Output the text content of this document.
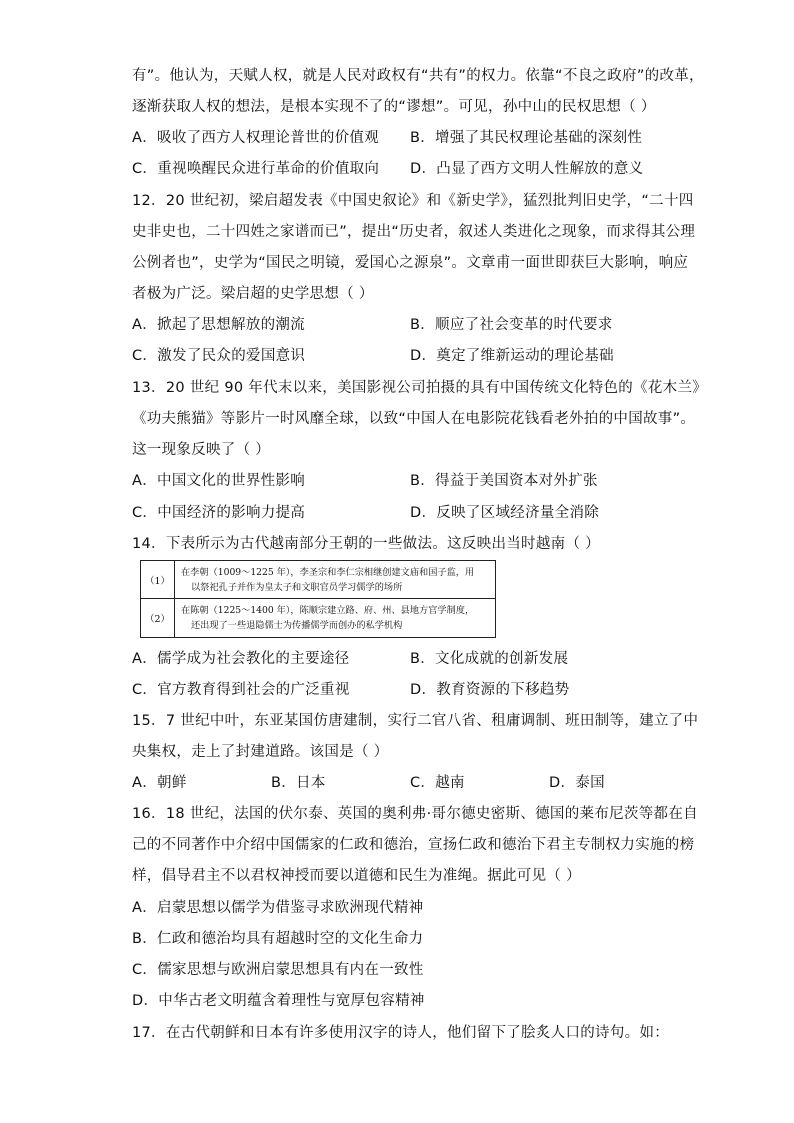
有”。他认为，天赋人权，就是人民对政权有“共有”的权力。依靠“不良之政府”的改革，
逐渐获取人权的想法，是根本实现不了的“谬想”。可见，孙中山的民权思想（ ）
A．吸收了西方人权理论普世的价值观 B．增强了其民权理论基础的深刻性
C．重视唤醒民众进行革命的价值取向 D．凸显了西方文明人性解放的意义
12．20 世纪初，梁启超发表《中国史叙论》和《新史学》，猛烈批判旧史学，“二十四
史非史也，二十四姓之家谱而已”，提出“历史者，叙述人类进化之现象，而求得其公理
公例者也”，史学为“国民之明镜，爱国心之源泉”。文章甫一面世即获巨大影响，响应
者极为广泛。梁启超的史学思想（ ）
A．掀起了思想解放的潮流	B．顺应了社会变革的时代要求
C．激发了民众的爱国意识	D．奠定了维新运动的理论基础
13．20 世纪 90 年代末以来，美国影视公司拍摄的具有中国传统文化特色的《花木兰》
《功夫熊猫》等影片一时风靡全球，以致“中国人在电影院花钱看老外拍的中国故事”。
这一现象反映了（ ）
A．中国文化的世界性影响	B．得益于美国资本对外扩张
C．中国经济的影响力提高	D．反映了区域经济量全消除
14．下表所示为古代越南部分王朝的一些做法。这反映出当时越南（ ）
（1）
在李朝（1009～1225 年），李圣宗和李仁宗相继创建文庙和国子监，用
以祭祀孔子并作为皇太子和文职官员学习儒学的场所
（2）
在陈朝（1225～1400 年），陈顺宗建立路、府、州、县地方官学制度，
还出现了一些退隐儒士为传播儒学而创办的私学机构
A．儒学成为社会教化的主要途径	B．文化成就的创新发展
C．官方教育得到社会的广泛重视	D．教育资源的下移趋势
15．7 世纪中叶，东亚某国仿唐建制，实行二官八省、租庸调制、班田制等，建立了中
央集权，走上了封建道路。该国是（ ）
A．朝鲜	B．日本	C．越南	D．泰国
16．18 世纪，法国的伏尔泰、英国的奥利弗·哥尔德史密斯、德国的莱布尼茨等都在自
己的不同著作中介绍中国儒家的仁政和德治，宣扬仁政和德治下君主专制权力实施的榜
样，倡导君主不以君权神授而要以道德和民生为准绳。据此可见（ ）
A．启蒙思想以儒学为借鉴寻求欧洲现代精神
B．仁政和德治均具有超越时空的文化生命力
C．儒家思想与欧洲启蒙思想具有内在一致性
D．中华古老文明蕴含着理性与宽厚包容精神
17．在古代朝鲜和日本有许多使用汉字的诗人，他们留下了脍炙人口的诗句。如：
